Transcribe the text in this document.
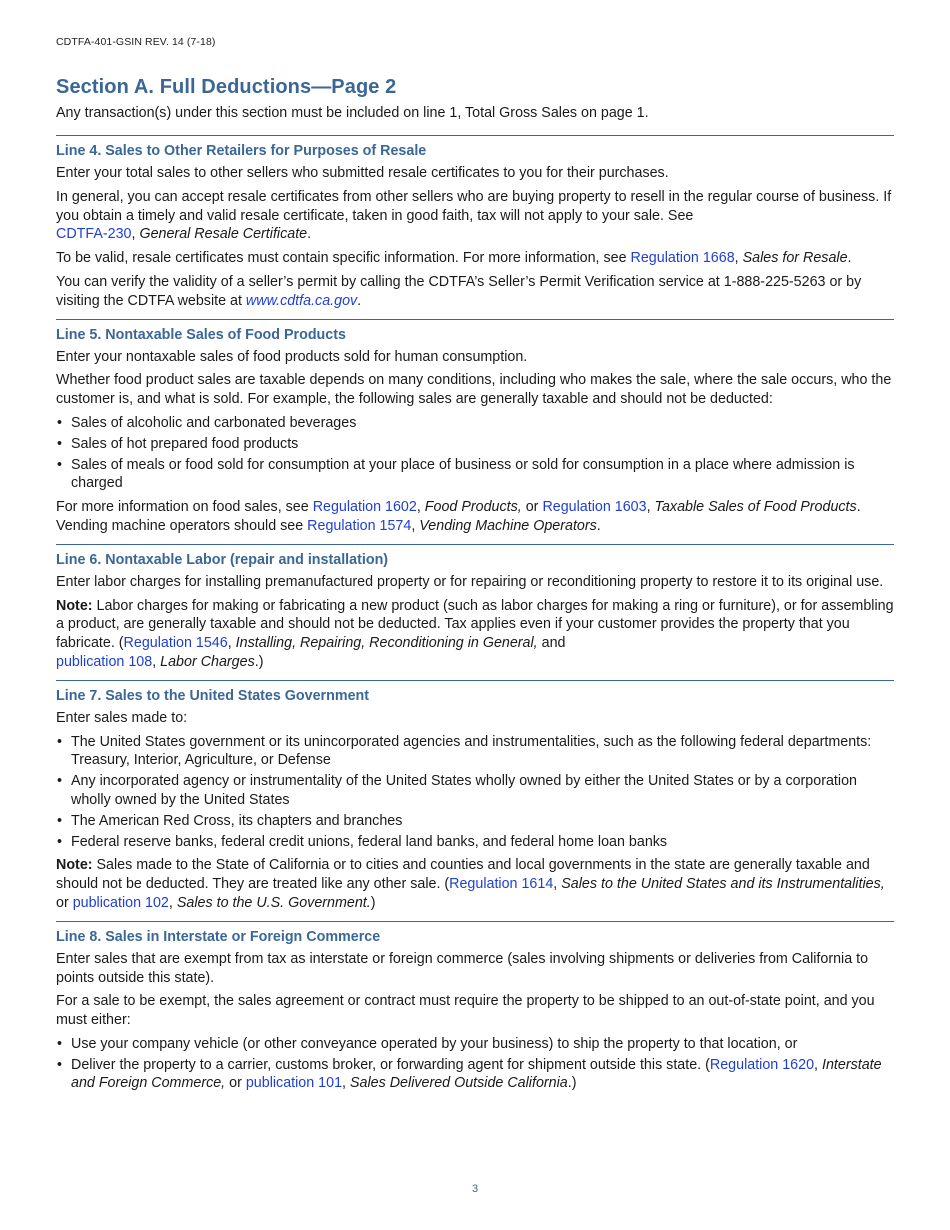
CDTFA-401-GSIN REV. 14 (7-18)
Section A. Full Deductions—Page 2

Any transaction(s) under this section must be included on line 1, Total Gross Sales on page 1.

Line 4. Sales to Other Retailers for Purposes of Resale

Enter your total sales to other sellers who submitted resale certificates to you for their purchases.

In general, you can accept resale certificates from other sellers who are buying property to resell in the regular course of business. If you obtain a timely and valid resale certificate, taken in good faith, tax will not apply to your sale. See
CDTFA-230, General Resale Certificate.

To be valid, resale certificates must contain specific information. For more information, see Regulation 1668, Sales for Resale.

You can verify the validity of a seller’s permit by calling the CDTFA’s Seller’s Permit Verification service at 1-888-225-5263 or by visiting the CDTFA website at www.cdtfa.ca.gov.

Line 5. Nontaxable Sales of Food Products

Enter your nontaxable sales of food products sold for human consumption.

Whether food product sales are taxable depends on many conditions, including who makes the sale, where the sale occurs, who the customer is, and what is sold. For example, the following sales are generally taxable and should not be deducted:

• Sales of alcoholic and carbonated beverages
• Sales of hot prepared food products
• Sales of meals or food sold for consumption at your place of business or sold for consumption in a place where admission is charged

For more information on food sales, see Regulation 1602, Food Products, or Regulation 1603, Taxable Sales of Food Products. Vending machine operators should see Regulation 1574, Vending Machine Operators.

Line 6. Nontaxable Labor (repair and installation)

Enter labor charges for installing premanufactured property or for repairing or reconditioning property to restore it to its original use.

Note: Labor charges for making or fabricating a new product (such as labor charges for making a ring or furniture), or for assembling a product, are generally taxable and should not be deducted. Tax applies even if your customer provides the property that you fabricate. (Regulation 1546, Installing, Repairing, Reconditioning in General, and
publication 108, Labor Charges.)

Line 7. Sales to the United States Government

Enter sales made to:

• The United States government or its unincorporated agencies and instrumentalities, such as the following federal departments: Treasury, Interior, Agriculture, or Defense
• Any incorporated agency or instrumentality of the United States wholly owned by either the United States or by a corporation wholly owned by the United States
• The American Red Cross, its chapters and branches
• Federal reserve banks, federal credit unions, federal land banks, and federal home loan banks

Note: Sales made to the State of California or to cities and counties and local governments in the state are generally taxable and should not be deducted. They are treated like any other sale. (Regulation 1614, Sales to the United States and its Instrumentalities, or publication 102, Sales to the U.S. Government.)

Line 8. Sales in Interstate or Foreign Commerce

Enter sales that are exempt from tax as interstate or foreign commerce (sales involving shipments or deliveries from California to points outside this state).

For a sale to be exempt, the sales agreement or contract must require the property to be shipped to an out-of-state point, and you must either:

• Use your company vehicle (or other conveyance operated by your business) to ship the property to that location, or
• Deliver the property to a carrier, customs broker, or forwarding agent for shipment outside this state. (Regulation 1620, Interstate and Foreign Commerce, or publication 101, Sales Delivered Outside California.)
3
